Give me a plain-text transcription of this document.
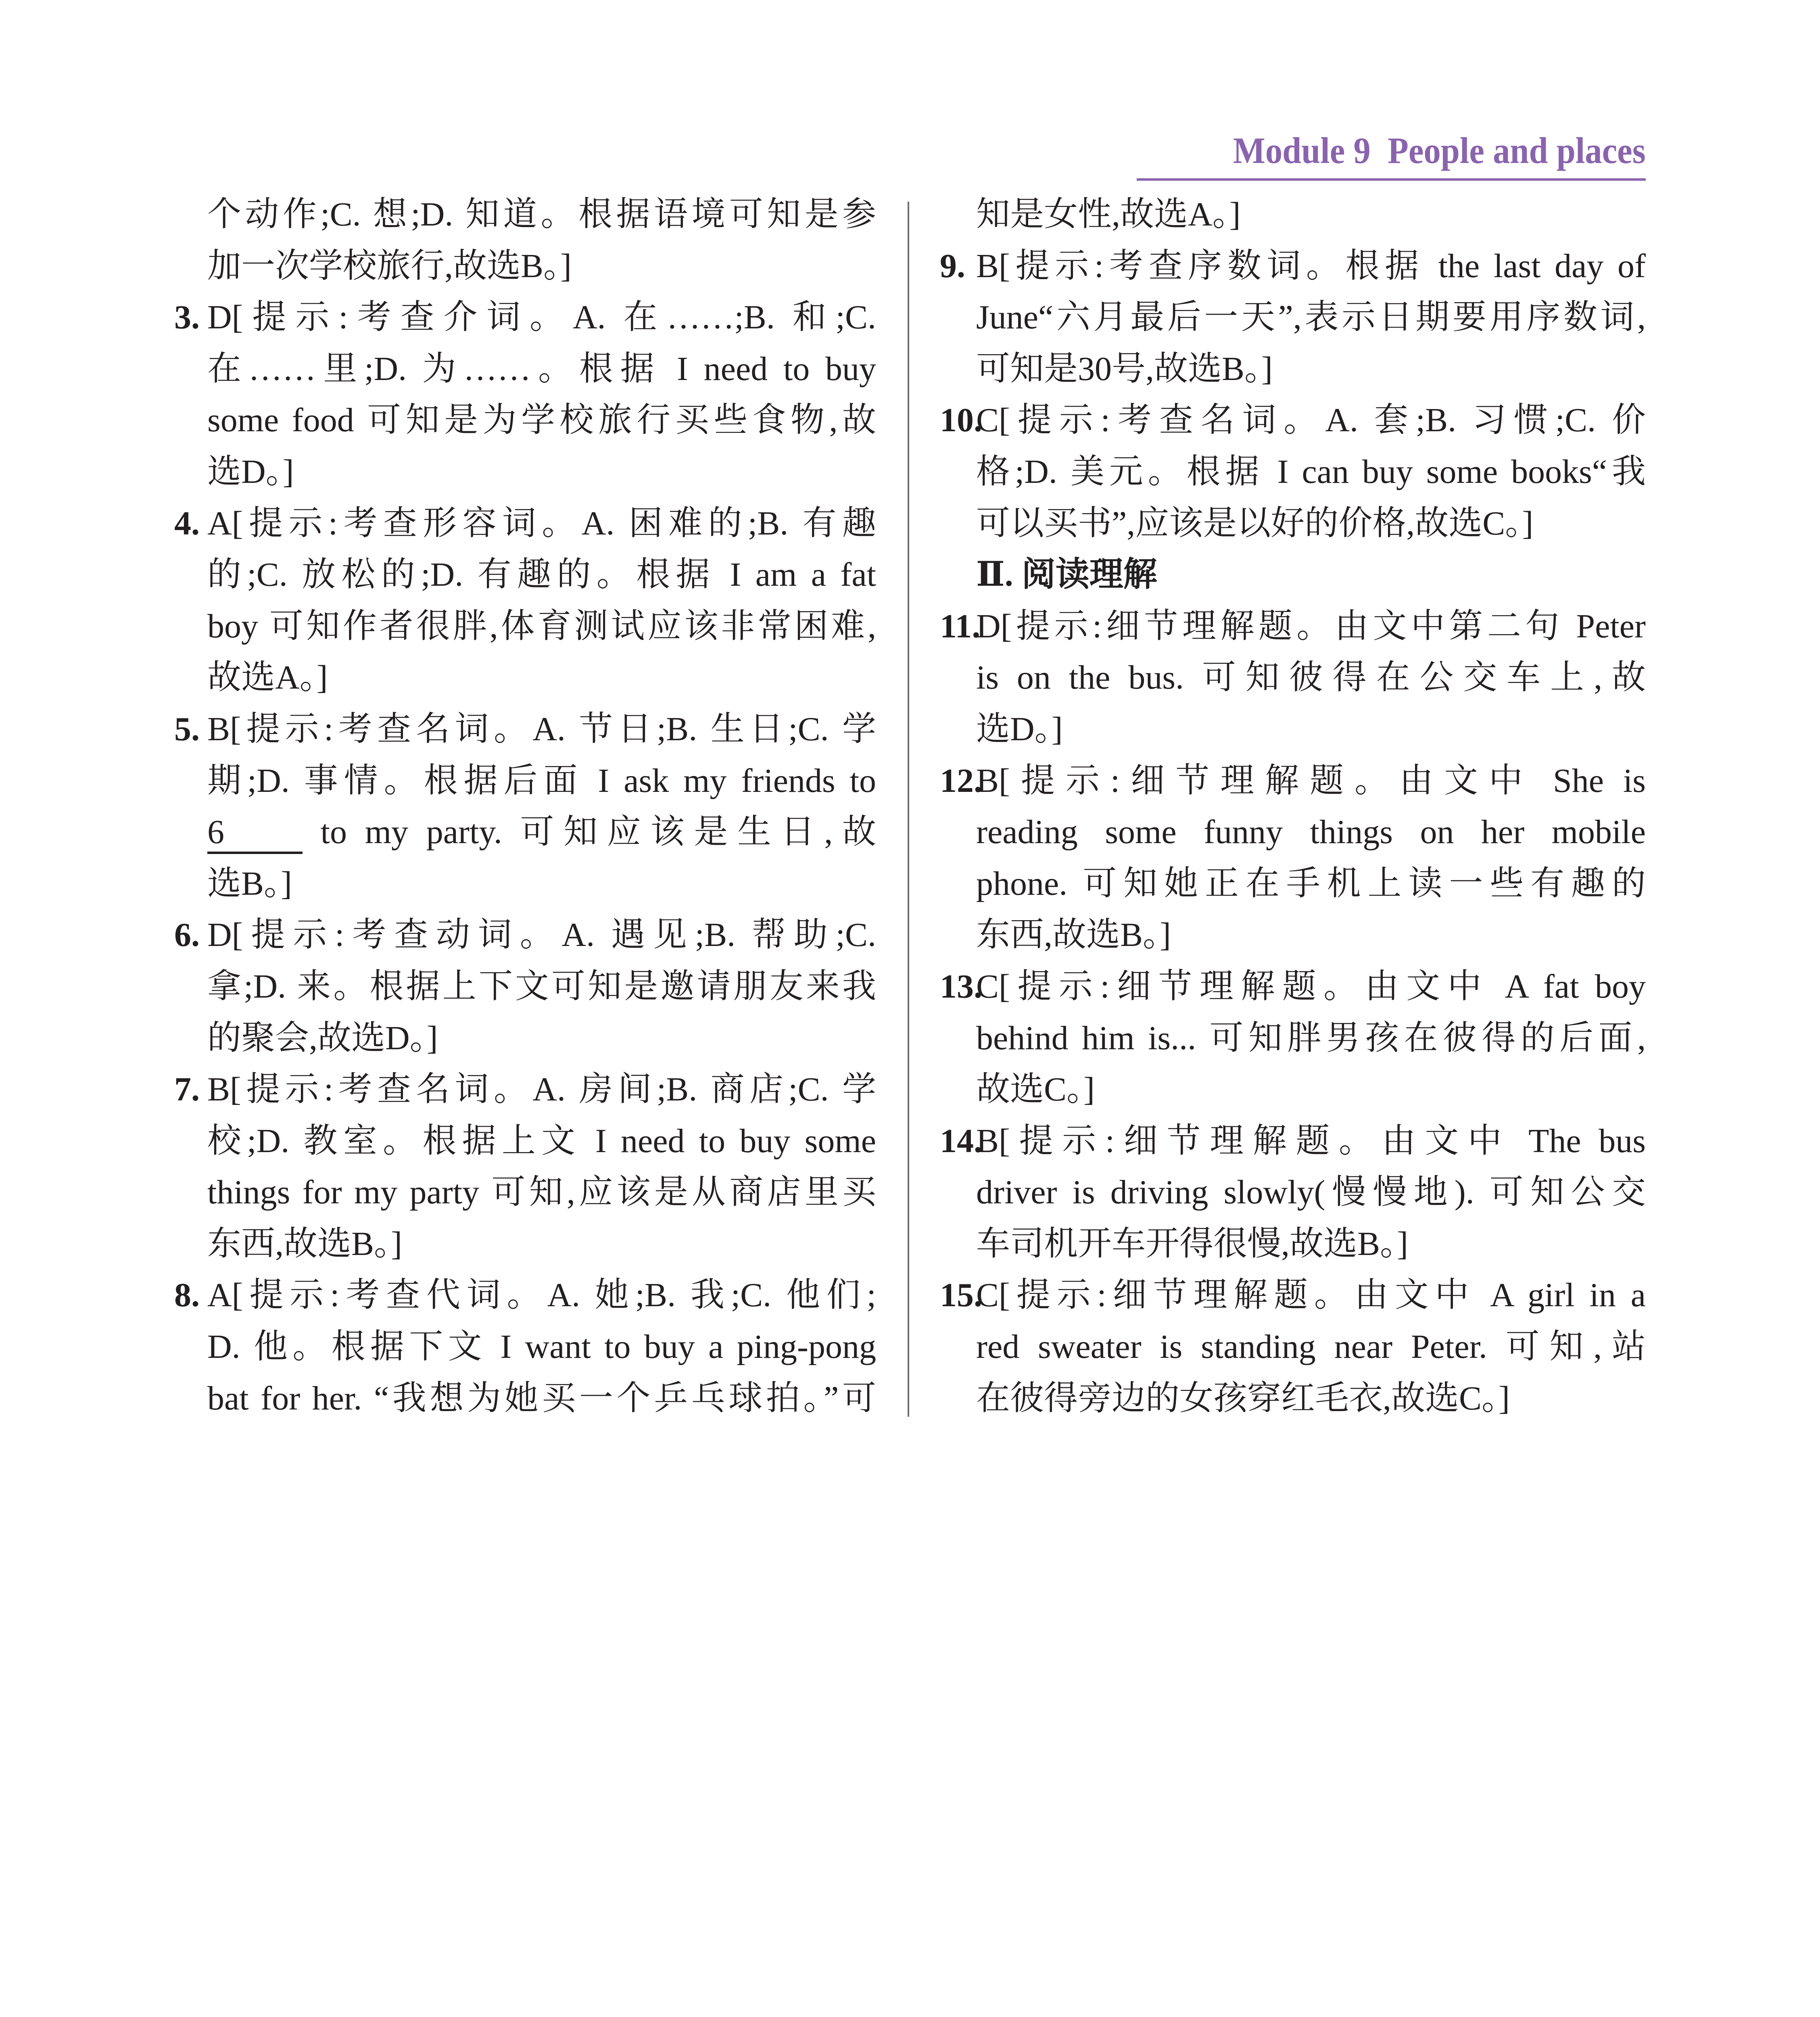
Module 9  People and places
个动作;C. 想;D. 知道。根据语境可知是参
加一次学校旅行,故选B。]
3. D[提示:考查介词。A. 在……;B. 和;C.
在……里;D. 为……。根据 I need to buy
some food 可知是为学校旅行买些食物,故
选D。]
4. A[提示:考查形容词。A. 困难的;B. 有趣
的;C. 放松的;D. 有趣的。根据 I am a fat
boy 可知作者很胖,体育测试应该非常困难,
故选A。]
5. B[提示:考查名词。A. 节日;B. 生日;C. 学
期;D. 事情。根据后面 I ask my friends to
6 to my party. 可知应该是生日,故
选B。]
6. D[提示:考查动词。A. 遇见;B. 帮助;C.
拿;D. 来。根据上下文可知是邀请朋友来我
的聚会,故选D。]
7. B[提示:考查名词。A. 房间;B. 商店;C. 学
校;D. 教室。根据上文 I need to buy some
things for my party 可知,应该是从商店里买
东西,故选B。]
8. A[提示:考查代词。A. 她;B. 我;C. 他们;
D. 他。根据下文 I want to buy a ping-pong
bat for her. “我想为她买一个乒乓球拍。”可
知是女性,故选A。]
9. B[提示:考查序数词。根据 the last day of
June“六月最后一天”,表示日期要用序数词,
可知是30号,故选B。]
10.
C[提示:考查名词。A. 套;B. 习惯;C. 价
格;D. 美元。根据 I can buy some books“我
可以买书”,应该是以好的价格,故选C。]
Ⅱ. 阅读理解
11.
D[提示:细节理解题。由文中第二句 Peter
is on the bus. 可知彼得在公交车上,故
选D。]
12.
B[提示:细节理解题。由文中 She is
reading some funny things on her mobile
phone. 可知她正在手机上读一些有趣的
东西,故选B。]
13.
C[提示:细节理解题。由文中 A fat boy
behind him is... 可知胖男孩在彼得的后面,
故选C。]
14.
B[提示:细节理解题。由文中 The bus
driver is driving slowly(慢慢地). 可知公交
车司机开车开得很慢,故选B。]
15.
C[提示:细节理解题。由文中 A girl in a
red sweater is standing near Peter. 可知,站
在彼得旁边的女孩穿红毛衣,故选C。]
